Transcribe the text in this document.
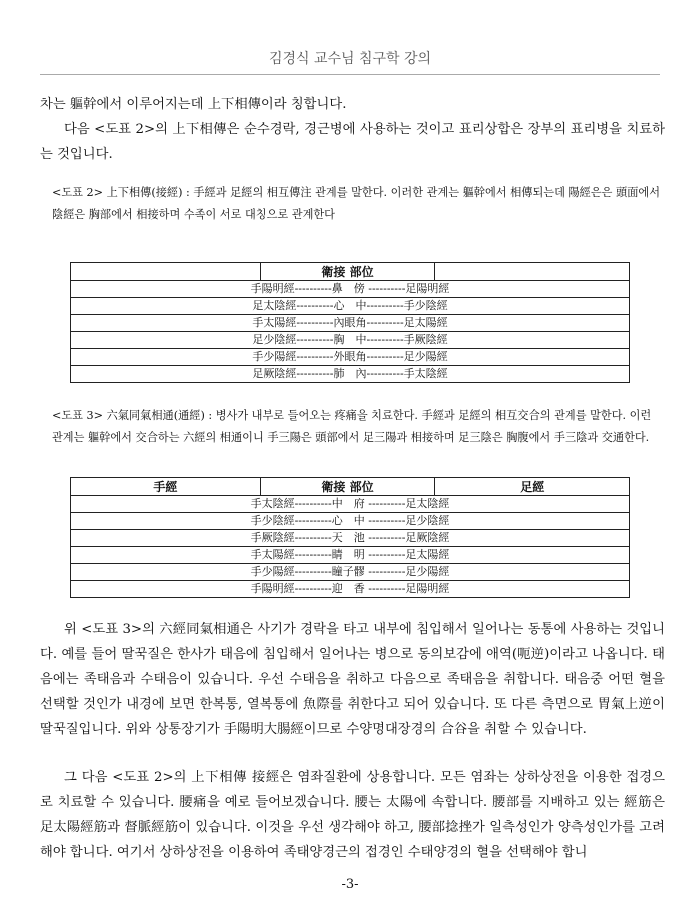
김경식 교수님 침구학 강의

차는 軀幹에서 이루어지는데 上下相傳이라 칭합니다.

다음 <도표 2>의 上下相傳은 순수경락, 경근병에 사용하는 것이고 표리상합은 장부의 표리병을 치료하는 것입니다.

<도표 2> 上下相傳(接經) : 手經과 足經의 相互傳注 관계를 말한다. 이러한 관계는 軀幹에서 相傳되는데 陽經은은 頭面에서 陰經은 胸部에서 相接하며 수족이 서로 대칭으로 관계한다

	衛接 部位	
手陽明經----------鼻　傍 ----------足陽明經
足太陰經----------心　中----------手少陰經
手太陽經----------內眼角----------足太陽經
足少陰經----------胸　中----------手厥陰經
手少陽經----------外眼角----------足少陽經
足厥陰經----------肺　內----------手太陰經

<도표 3> 六氣同氣相通(通經) : 병사가 내부로 들어오는 疼痛을 치료한다. 手經과 足經의 相互交合의 관계를 말한다. 이런 관계는 軀幹에서 交合하는 六經의 相通이니 手三陽은 頭部에서 足三陽과 相接하며 足三陰은 胸腹에서 手三陰과 交通한다.

手經	衛接 部位	足經
手太陰經----------中　府 ----------足太陰經
手少陰經----------心　中 ----------足少陰經
手厥陰經----------天　池 ----------足厥陰經
手太陽經----------睛　明 ----------足太陽經
手少陽經----------瞳子髎 ----------足少陽經
手陽明經----------迎　香 ----------足陽明經

위 <도표 3>의 六經同氣相通은 사기가 경락을 타고 내부에 침입해서 일어나는 동통에 사용하는 것입니다. 예를 들어 딸꾹질은 한사가 태음에 침입해서 일어나는 병으로 동의보감에 애역(呃逆)이라고 나옵니다. 태음에는 족태음과 수태음이 있습니다. 우선 수태음을 취하고 다음으로 족태음을 취합니다. 태음중 어떤 혈을 선택할 것인가 내경에 보면 한복통, 열복통에 魚際를 취한다고 되어 있습니다. 또 다른 측면으로 胃氣上逆이 딸꾹질입니다. 위와 상통장기가 手陽明大腸經이므로 수양명대장경의 合谷을 취할 수 있습니다.

그 다음 <도표 2>의 上下相傳 接經은 염좌질환에 상용합니다. 모든 염좌는 상하상전을 이용한 접경으로 치료할 수 있습니다. 腰痛을 예로 들어보겠습니다. 腰는 太陽에 속합니다. 腰部를 지배하고 있는 經筋은 足太陽經筋과 督脈經筋이 있습니다. 이것을 우선 생각해야 하고, 腰部捻挫가 일측성인가 양측성인가를 고려해야 합니다. 여기서 상하상전을 이용하여 족태양경근의 접경인 수태양경의 혈을 선택해야 합니

-3-
